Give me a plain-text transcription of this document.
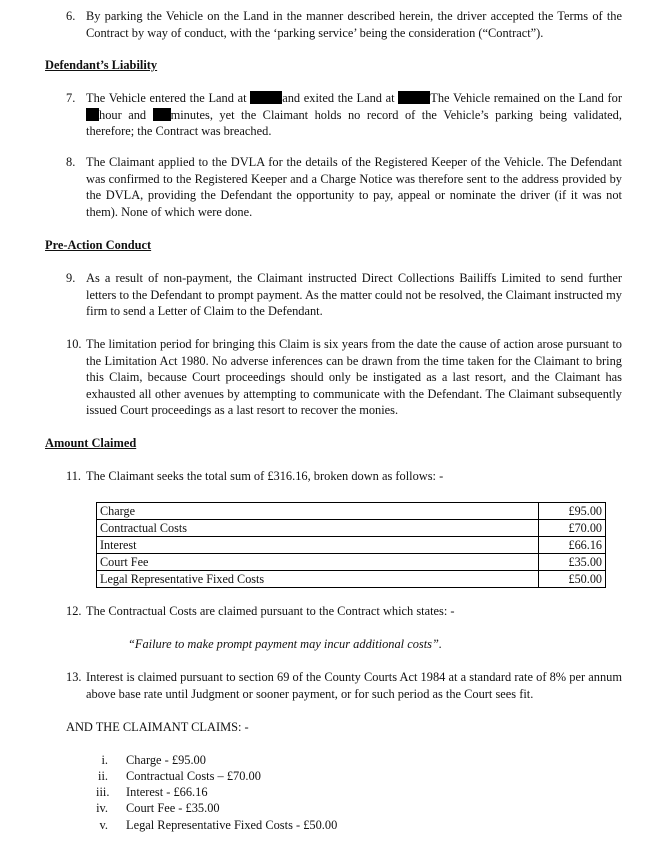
6. By parking the Vehicle on the Land in the manner described herein, the driver accepted the Terms of the Contract by way of conduct, with the ‘parking service’ being the consideration (“Contract”).
Defendant’s Liability
7. The Vehicle entered the Land at	and exited the Land at	The Vehicle remained on the Land for hour and minutes, yet the Claimant holds no record of the Vehicle’s parking being validated, therefore; the Contract was breached.
8. The Claimant applied to the DVLA for the details of the Registered Keeper of the Vehicle. The Defendant was confirmed to the Registered Keeper and a Charge Notice was therefore sent to the address provided by the DVLA, providing the Defendant the opportunity to pay, appeal or nominate the driver (if it was not them). None of which were done.
Pre-Action Conduct
9. As a result of non-payment, the Claimant instructed Direct Collections Bailiffs Limited to send further letters to the Defendant to prompt payment. As the matter could not be resolved, the Claimant instructed my firm to send a Letter of Claim to the Defendant.
10. The limitation period for bringing this Claim is six years from the date the cause of action arose pursuant to the Limitation Act 1980. No adverse inferences can be drawn from the time taken for the Claimant to bring this Claim, because Court proceedings should only be instigated as a last resort, and the Claimant has exhausted all other avenues by attempting to communicate with the Defendant. The Claimant subsequently issued Court proceedings as a last resort to recover the monies.
Amount Claimed
11. The Claimant seeks the total sum of £316.16, broken down as follows: -
Charge	£95.00
Contractual Costs	£70.00
Interest	£66.16
Court Fee	£35.00
Legal Representative Fixed Costs	£50.00
12. The Contractual Costs are claimed pursuant to the Contract which states: -
“Failure to make prompt payment may incur additional costs”.
13. Interest is claimed pursuant to section 69 of the County Courts Act 1984 at a standard rate of 8% per annum above base rate until Judgment or sooner payment, or for such period as the Court sees fit.
AND THE CLAIMANT CLAIMS: -
i. Charge - £95.00
ii. Contractual Costs – £70.00
iii. Interest - £66.16
iv. Court Fee - £35.00
v. Legal Representative Fixed Costs - £50.00
